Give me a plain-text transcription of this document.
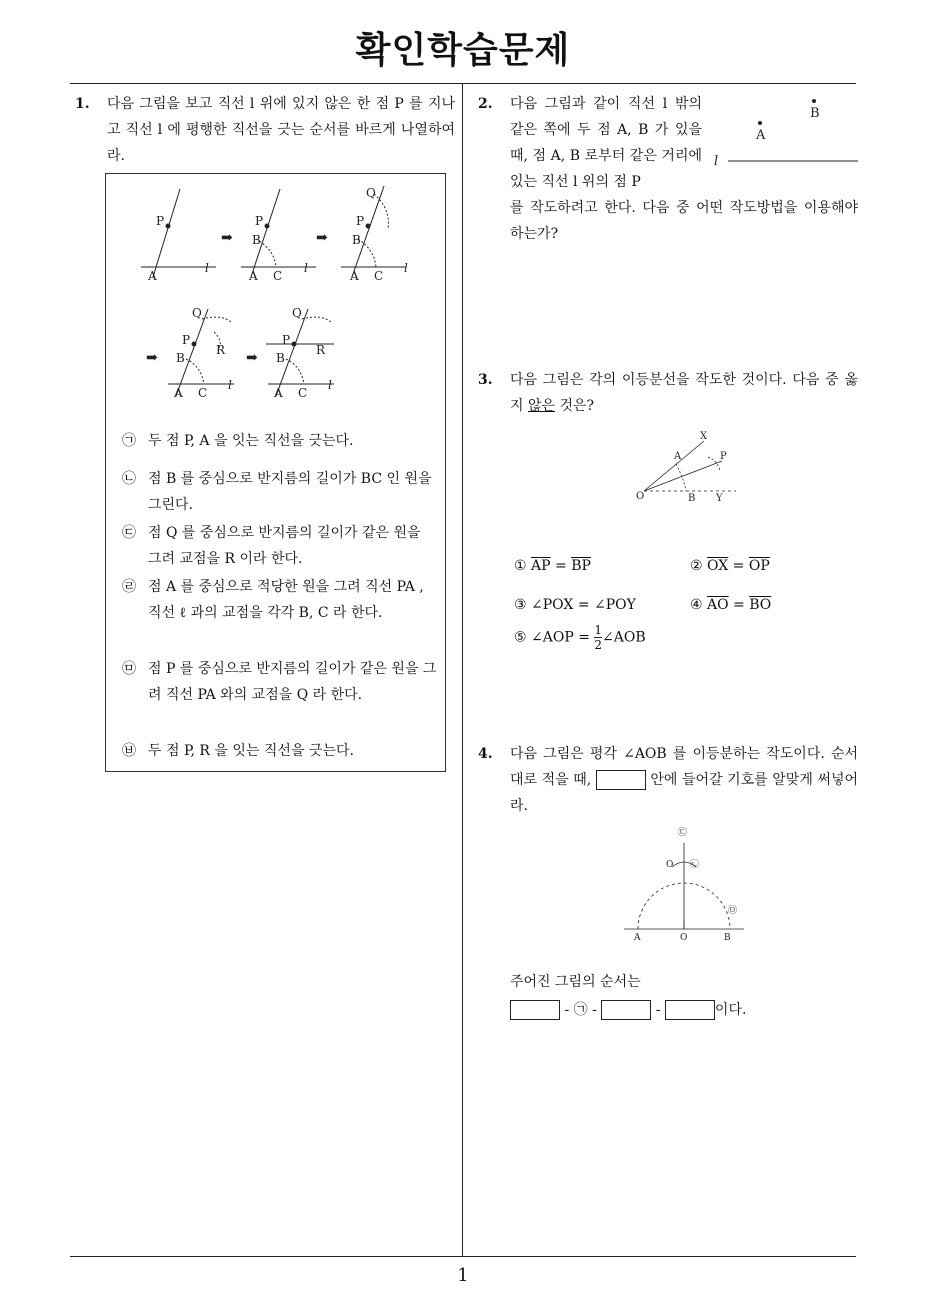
확인학습문제
1. 다음 그림을 보고 직선 l 위에 있지 않은 한 점 P 를 지나고 직선 l 에 평행한 직선을 긋는 순서를 바르게 나열하여라.
P
A
l
➡
P
B
A C
l
➡
Q
P
B
A C
l
➡
Q
P
R
B
A C
l
➡
Q
P
R
B
A C
l
㉠ 두 점 P, A 을 잇는 직선을 긋는다.
㉡ 점 B 를 중심으로 반지름의 길이가 BC 인 원을 그린다.
㉢ 점 Q 를 중심으로 반지름의 길이가 같은 원을 그려 교점을 R 이라 한다.
㉣ 점 A 를 중심으로 적당한 원을 그려 직선 PA , 직선 ℓ 과의 교점을 각각 B, C 라 한다.
㉤ 점 P 를 중심으로 반지름의 길이가 같은 원을 그려 직선 PA 와의 교점을 Q 라 한다.
㉥ 두 점 P, R 을 잇는 직선을 긋는다.
2. 다음 그림과 같이 직선 l 밖의 같은 쪽에 두 점 A, B 가 있을 때, 점 A, B 로부터 같은 거리에 있는 직선 l 위의 점 P
를 작도하려고 한다. 다음 중 어떤 작도방법을 이용해야 하는가?
B
A
l
3. 다음 그림은 각의 이등분선을 작도한 것이다. 다음 중 옳지 않은 것은?
O
X
A	P
B Y
① $\overline{AP} = \overline{BP}$	② $\overline{OX} = \overline{OP}$
③ ∠POX = ∠POY	④ $\overline{AO} = \overline{BO}$
⑤ ∠AOP = $\frac{1}{2}$ ∠AOB
4. 다음 그림은 평각 ∠AOB 를 이등분하는 작도이다. 순서대로 적을 때,	안에 들어갈 기호를 알맞게 써넣어라.
㉢
O ㉡
㉤
A	O	B
주어진 그림의 순서는
- ㉠ -	-	이다.
1
